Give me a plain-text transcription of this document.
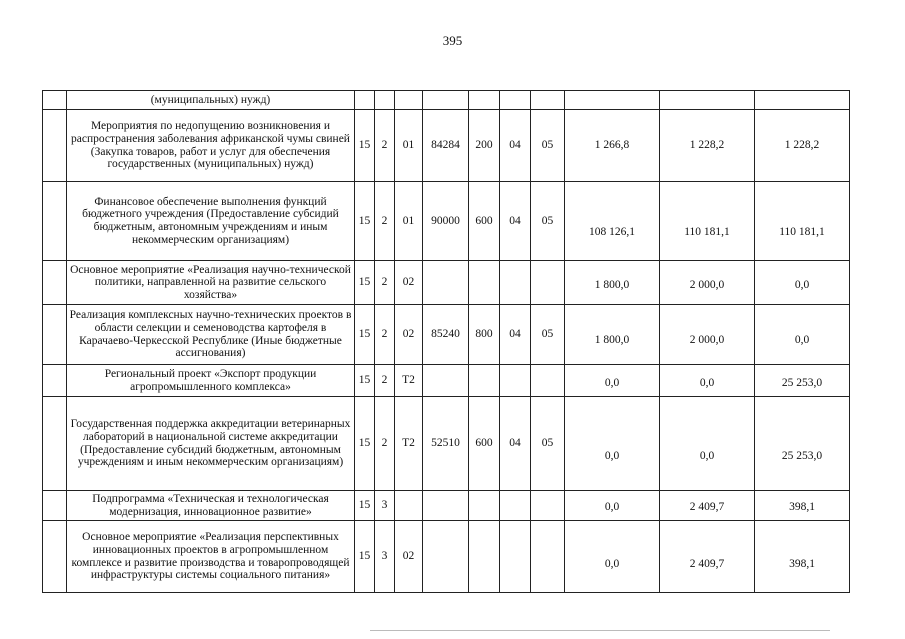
395
	(муниципальных) нужд)										
	Мероприятия по недопущению возникновения и распространения заболевания африканской чумы свиней (Закупка товаров, работ и услуг для обеспечения государственных (муниципальных) нужд)	15	2	01	84284	200	04	05	1 266,8	1 228,2	1 228,2
	Финансовое обеспечение выполнения функций бюджетного учреждения (Предоставление субсидий бюджетным, автономным учреждениям и иным некоммерческим организациям)	15	2	01	90000	600	04	05	108 126,1	110 181,1	110 181,1
	Основное мероприятие «Реализация научно-технической политики, направленной на развитие сельского хозяйства»	15	2	02					1 800,0	2 000,0	0,0
	Реализация комплексных научно-технических проектов в области селекции и семеноводства картофеля в Карачаево-Черкесской Республике (Иные бюджетные ассигнования)	15	2	02	85240	800	04	05	1 800,0	2 000,0	0,0
	Региональный проект «Экспорт продукции агропромышленного комплекса»	15	2	T2					0,0	0,0	25 253,0
	Государственная поддержка аккредитации ветеринарных лабораторий в национальной системе аккредитации (Предоставление субсидий бюджетным, автономным учреждениям и иным некоммерческим организациям)	15	2	T2	52510	600	04	05	0,0	0,0	25 253,0
	Подпрограмма «Техническая и технологическая модернизация, инновационное развитие»	15	3						0,0	2 409,7	398,1
	Основное мероприятие «Реализация перспективных инновационных проектов в агропромышленном комплексе и развитие производства и товаропроводящей инфраструктуры системы социального питания»	15	3	02					0,0	2 409,7	398,1
